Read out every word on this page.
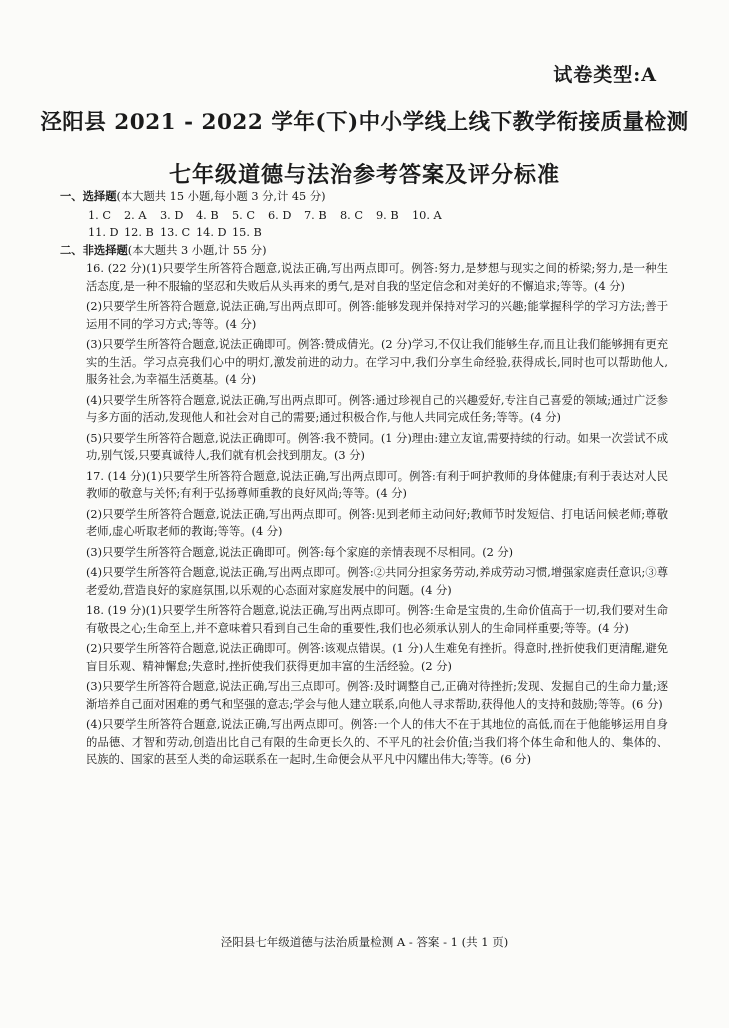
试卷类型:A
泾阳县 2021 - 2022 学年(下)中小学线上线下教学衔接质量检测
七年级道德与法治参考答案及评分标准
一、选择题(本大题共 15 小题,每小题 3 分,计 45 分)
1. C	2. A	3. D	4. B	5. C	6. D	7. B	8. C	9. B	10. A
11. D 12. B 13. C 14. D 15. B
二、非选择题(本大题共 3 小题,计 55 分)

16. (22 分)(1)只要学生所答符合题意,说法正确,写出两点即可。例答:努力,是梦想与现实之间的桥梁;努力,是一种生活态度,是一种不服输的坚忍和失败后从头再来的勇气,是对自我的坚定信念和对美好的不懈追求;等等。(4 分)

(2)只要学生所答符合题意,说法正确,写出两点即可。例答:能够发现并保持对学习的兴趣;能掌握科学的学习方法;善于运用不同的学习方式;等等。(4 分)

(3)只要学生所答符合题意,说法正确即可。例答:赞成倩光。(2 分)学习,不仅让我们能够生存,而且让我们能够拥有更充实的生活。学习点亮我们心中的明灯,激发前进的动力。在学习中,我们分享生命经验,获得成长,同时也可以帮助他人,服务社会,为幸福生活奠基。(4 分)

(4)只要学生所答符合题意,说法正确,写出两点即可。例答:通过珍视自己的兴趣爱好,专注自己喜爱的领域;通过广泛参与多方面的活动,发现他人和社会对自己的需要;通过积极合作,与他人共同完成任务;等等。(4 分)

(5)只要学生所答符合题意,说法正确即可。例答:我不赞同。(1 分)理由:建立友谊,需要持续的行动。如果一次尝试不成功,别气馁,只要真诚待人,我们就有机会找到朋友。(3 分)

17. (14 分)(1)只要学生所答符合题意,说法正确,写出两点即可。例答:有利于呵护教师的身体健康;有利于表达对人民教师的敬意与关怀;有利于弘扬尊师重教的良好风尚;等等。(4 分)

(2)只要学生所答符合题意,说法正确,写出两点即可。例答:见到老师主动问好;教师节时发短信、打电话问候老师;尊敬老师,虚心听取老师的教诲;等等。(4 分)

(3)只要学生所答符合题意,说法正确即可。例答:每个家庭的亲情表现不尽相同。(2 分)

(4)只要学生所答符合题意,说法正确,写出两点即可。例答:②共同分担家务劳动,养成劳动习惯,增强家庭责任意识;③尊老爱幼,营造良好的家庭氛围,以乐观的心态面对家庭发展中的问题。(4 分)

18. (19 分)(1)只要学生所答符合题意,说法正确,写出两点即可。例答:生命是宝贵的,生命价值高于一切,我们要对生命有敬畏之心;生命至上,并不意味着只看到自己生命的重要性,我们也必须承认别人的生命同样重要;等等。(4 分)

(2)只要学生所答符合题意,说法正确即可。例答:该观点错误。(1 分)人生难免有挫折。得意时,挫折使我们更清醒,避免盲目乐观、精神懈怠;失意时,挫折使我们获得更加丰富的生活经验。(2 分)

(3)只要学生所答符合题意,说法正确,写出三点即可。例答:及时调整自己,正确对待挫折;发现、发掘自己的生命力量;逐渐培养自己面对困难的勇气和坚强的意志;学会与他人建立联系,向他人寻求帮助,获得他人的支持和鼓励;等等。(6 分)

(4)只要学生所答符合题意,说法正确,写出两点即可。例答:一个人的伟大不在于其地位的高低,而在于他能够运用自身的品德、才智和劳动,创造出比自己有限的生命更长久的、不平凡的社会价值;当我们将个体生命和他人的、集体的、民族的、国家的甚至人类的命运联系在一起时,生命便会从平凡中闪耀出伟大;等等。(6 分)

泾阳县七年级道德与法治质量检测 A - 答案 - 1 (共 1 页)
